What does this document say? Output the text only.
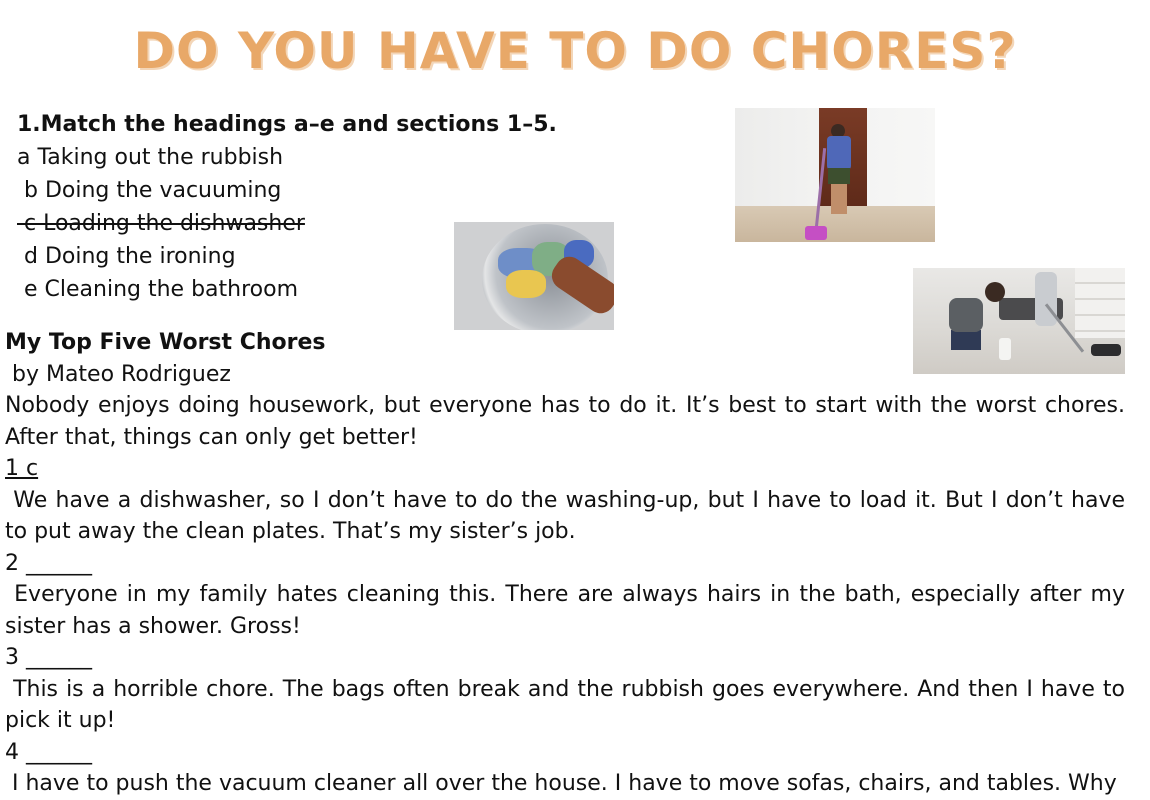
DO YOU HAVE TO DO CHORES?
1.Match the headings a–e and sections 1–5.
a Taking out the rubbish
b Doing the vacuuming
c Loading the dishwasher
d Doing the ironing
e Cleaning the bathroom
My Top Five Worst Chores
by Mateo Rodriguez
Nobody enjoys doing housework, but everyone has to do it. It’s best to start with the worst chores. After that, things can only get better!
1 c
We have a dishwasher, so I don’t have to do the washing-up, but I have to load it. But I don’t have to put away the clean plates. That’s my sister’s job.
2 ______
Everyone in my family hates cleaning this. There are always hairs in the bath, especially after my sister has a shower. Gross!
3 ______
This is a horrible chore. The bags often break and the rubbish goes everywhere. And then I have to pick it up!
4 ______
I have to push the vacuum cleaner all over the house. I have to move sofas, chairs, and tables. Why
